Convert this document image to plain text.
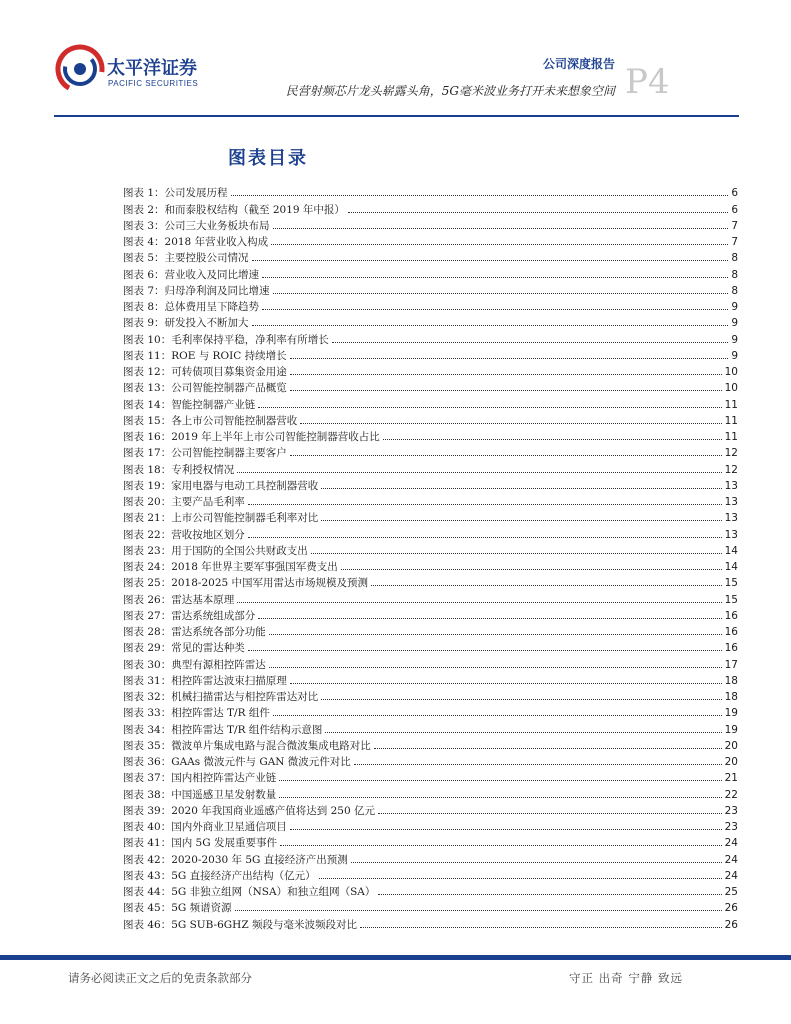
太平洋证券
PACIFIC SECURITIES
公司深度报告
民营射频芯片龙头崭露头角，5G毫米波业务打开未来想象空间 P4
图表目录
图表 1：公司发展历程	6
图表 2：和而泰股权结构（截至 2019 年中报）	6
图表 3：公司三大业务板块布局	7
图表 4：2018 年营业收入构成	7
图表 5：主要控股公司情况	8
图表 6：营业收入及同比增速	8
图表 7：归母净利润及同比增速	8
图表 8：总体费用呈下降趋势	9
图表 9：研发投入不断加大	9
图表 10：毛利率保持平稳，净利率有所增长	9
图表 11：ROE 与 ROIC 持续增长	9
图表 12：可转债项目募集资金用途	10
图表 13：公司智能控制器产品概览	10
图表 14：智能控制器产业链	11
图表 15：各上市公司智能控制器营收	11
图表 16：2019 年上半年上市公司智能控制器营收占比	11
图表 17：公司智能控制器主要客户	12
图表 18：专利授权情况	12
图表 19：家用电器与电动工具控制器营收	13
图表 20：主要产品毛利率	13
图表 21：上市公司智能控制器毛利率对比	13
图表 22：营收按地区划分	13
图表 23：用于国防的全国公共财政支出	14
图表 24：2018 年世界主要军事强国军费支出	14
图表 25：2018-2025 中国军用雷达市场规模及预测	15
图表 26：雷达基本原理	15
图表 27：雷达系统组成部分	16
图表 28：雷达系统各部分功能	16
图表 29：常见的雷达种类	16
图表 30：典型有源相控阵雷达	17
图表 31：相控阵雷达波束扫描原理	18
图表 32：机械扫描雷达与相控阵雷达对比	18
图表 33：相控阵雷达 T/R 组件	19
图表 34：相控阵雷达 T/R 组件结构示意图	19
图表 35：微波单片集成电路与混合微波集成电路对比	20
图表 36：GAAs 微波元件与 GAN 微波元件对比	20
图表 37：国内相控阵雷达产业链	21
图表 38：中国遥感卫星发射数量	22
图表 39：2020 年我国商业遥感产值将达到 250 亿元	23
图表 40：国内外商业卫星通信项目	23
图表 41：国内 5G 发展重要事件	24
图表 42：2020-2030 年 5G 直接经济产出预测	24
图表 43：5G 直接经济产出结构（亿元）	24
图表 44：5G 非独立组网（NSA）和独立组网（SA）	25
图表 45：5G 频谱资源	26
图表 46：5G SUB-6GHZ 频段与毫米波频段对比	26
请务必阅读正文之后的免责条款部分	守正 出奇 宁静 致远
